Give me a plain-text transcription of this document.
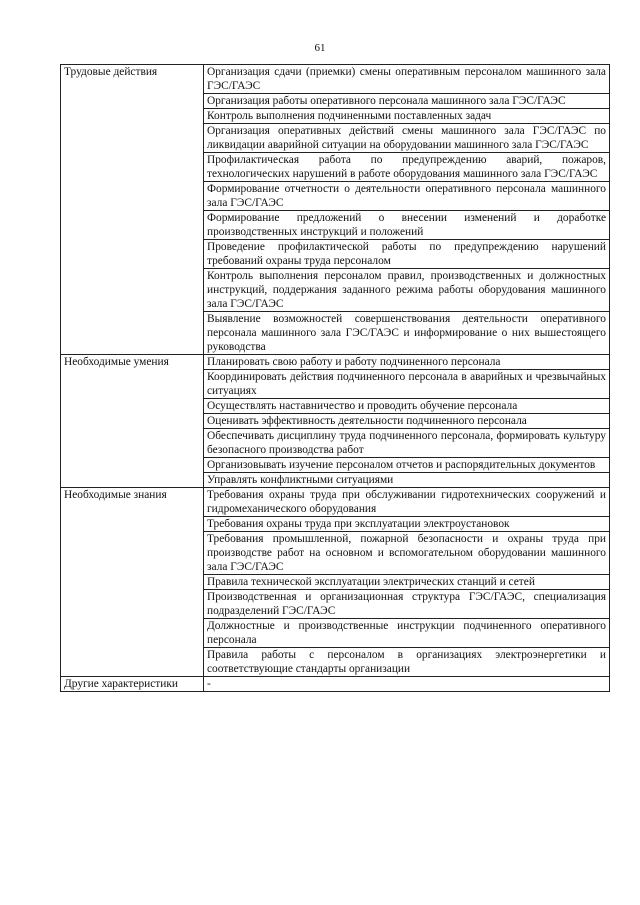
61
Трудовые действия	Организация сдачи (приемки) смены оперативным персоналом машинного зала ГЭС/ГАЭС
	Организация работы оперативного персонала машинного зала ГЭС/ГАЭС
	Контроль выполнения подчиненными поставленных задач
	Организация оперативных действий смены машинного зала ГЭС/ГАЭС по ликвидации аварийной ситуации на оборудовании машинного зала ГЭС/ГАЭС
	Профилактическая работа по предупреждению аварий, пожаров, технологических нарушений в работе оборудования машинного зала ГЭС/ГАЭС
	Формирование отчетности о деятельности оперативного персонала машинного зала ГЭС/ГАЭС
	Формирование предложений о внесении изменений и доработке производственных инструкций и положений
	Проведение профилактической работы по предупреждению нарушений требований охраны труда персоналом
	Контроль выполнения персоналом правил, производственных и должностных инструкций, поддержания заданного режима работы оборудования машинного зала ГЭС/ГАЭС
	Выявление возможностей совершенствования деятельности оперативного персонала машинного зала ГЭС/ГАЭС и информирование о них вышестоящего руководства
Необходимые умения	Планировать свою работу и работу подчиненного персонала
	Координировать действия подчиненного персонала в аварийных и чрезвычайных ситуациях
	Осуществлять наставничество и проводить обучение персонала
	Оценивать эффективность деятельности подчиненного персонала
	Обеспечивать дисциплину труда подчиненного персонала, формировать культуру безопасного производства работ
	Организовывать изучение персоналом отчетов и распорядительных документов
	Управлять конфликтными ситуациями
Необходимые знания	Требования охраны труда при обслуживании гидротехнических сооружений и гидромеханического оборудования
	Требования охраны труда при эксплуатации электроустановок
	Требования промышленной, пожарной безопасности и охраны труда при производстве работ на основном и вспомогательном оборудовании машинного зала ГЭС/ГАЭС
	Правила технической эксплуатации электрических станций и сетей
	Производственная и организационная структура ГЭС/ГАЭС, специализация подразделений ГЭС/ГАЭС
	Должностные и производственные инструкции подчиненного оперативного персонала
	Правила работы с персоналом в организациях электроэнергетики и соответствующие стандарты организации
Другие характеристики	-
